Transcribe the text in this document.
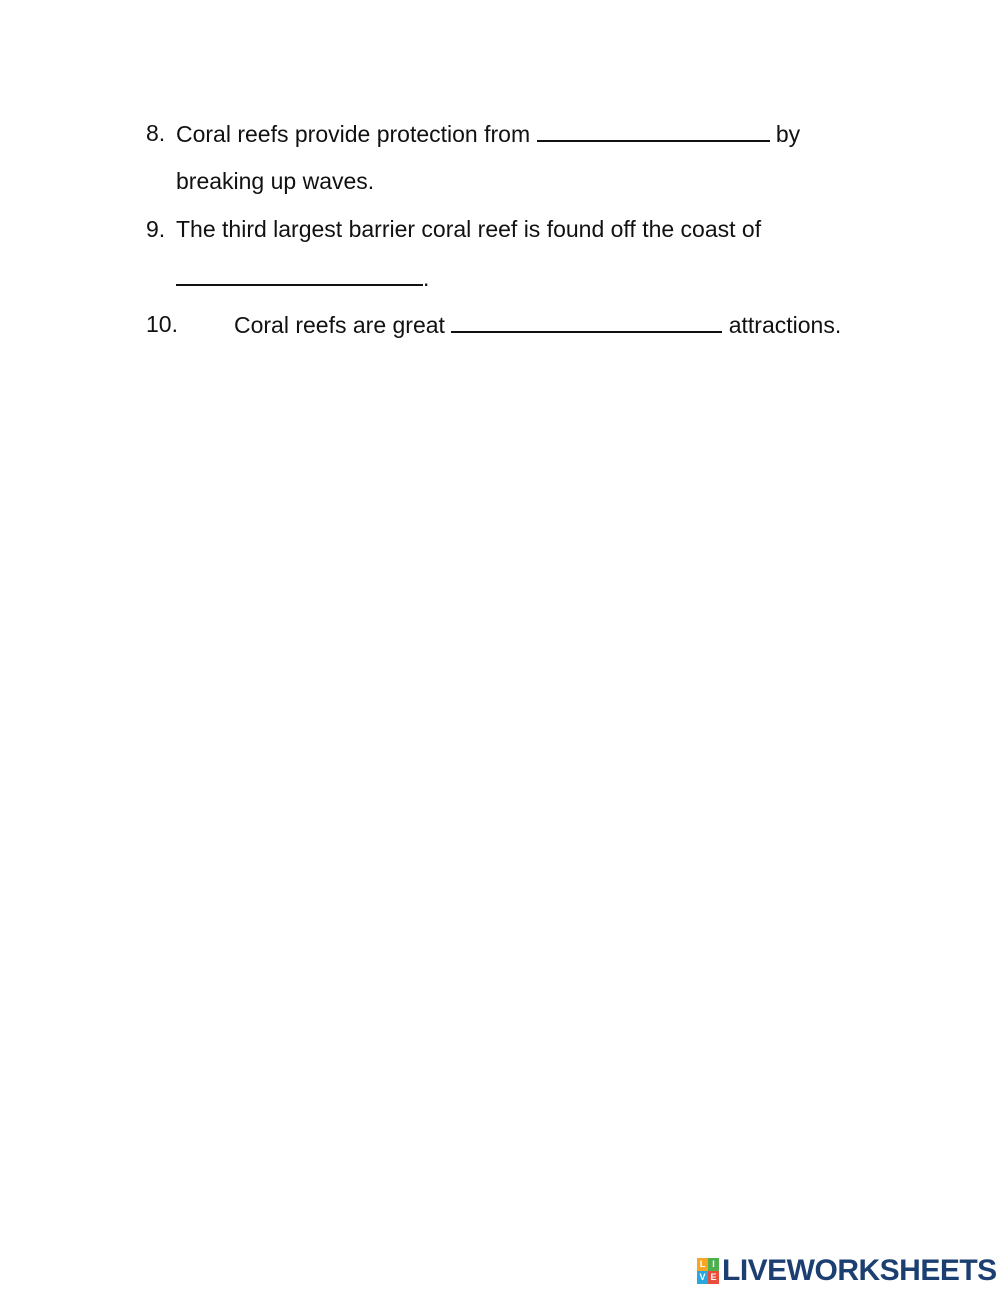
8. Coral reefs provide protection from	by
breaking up waves.
9. The third largest barrier coral reef is found off the coast of
.
10. Coral reefs are great	attractions.
L I
V E LIVEWORKSHEETS
